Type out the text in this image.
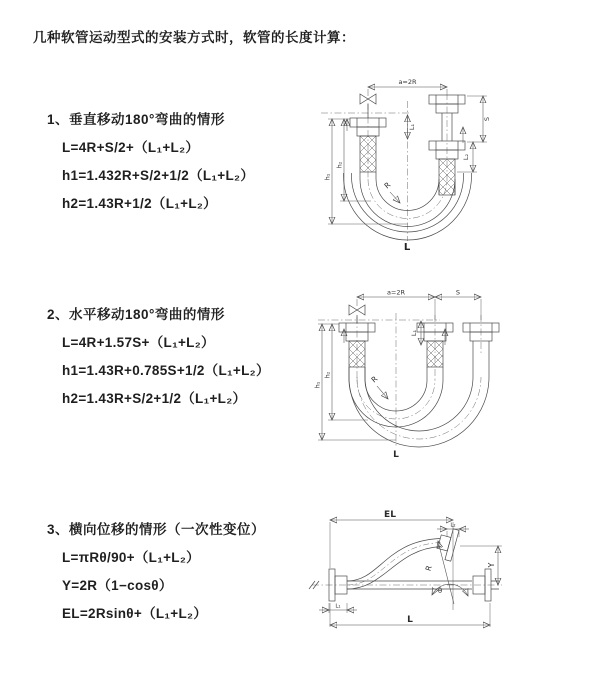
几种软管运动型式的安装方式时，软管的长度计算：
1、垂直移动180°弯曲的情形
L=4R+S/2+（L₁+L₂）
h1=1.432R+S/2+1/2（L₁+L₂）
h2=1.43R+1/2（L₁+L₂）
2、水平移动180°弯曲的情形
L=4R+1.57S+（L₁+L₂）
h1=1.43R+0.785S+1/2（L₁+L₂）
h2=1.43R+S/2+1/2（L₁+L₂）
3、横向位移的情形（一次性变位）
L=πRθ/90+（L₁+L₂）
Y=2R（1−cosθ）
EL=2Rsinθ+（L₁+L₂）
a=2R
R
h₁
h₂
S
L₂
L₁
L
a=2R	S
L₁
R
h₁
h₂
L
EL
L₂
Y
R
θ
L
L₁
